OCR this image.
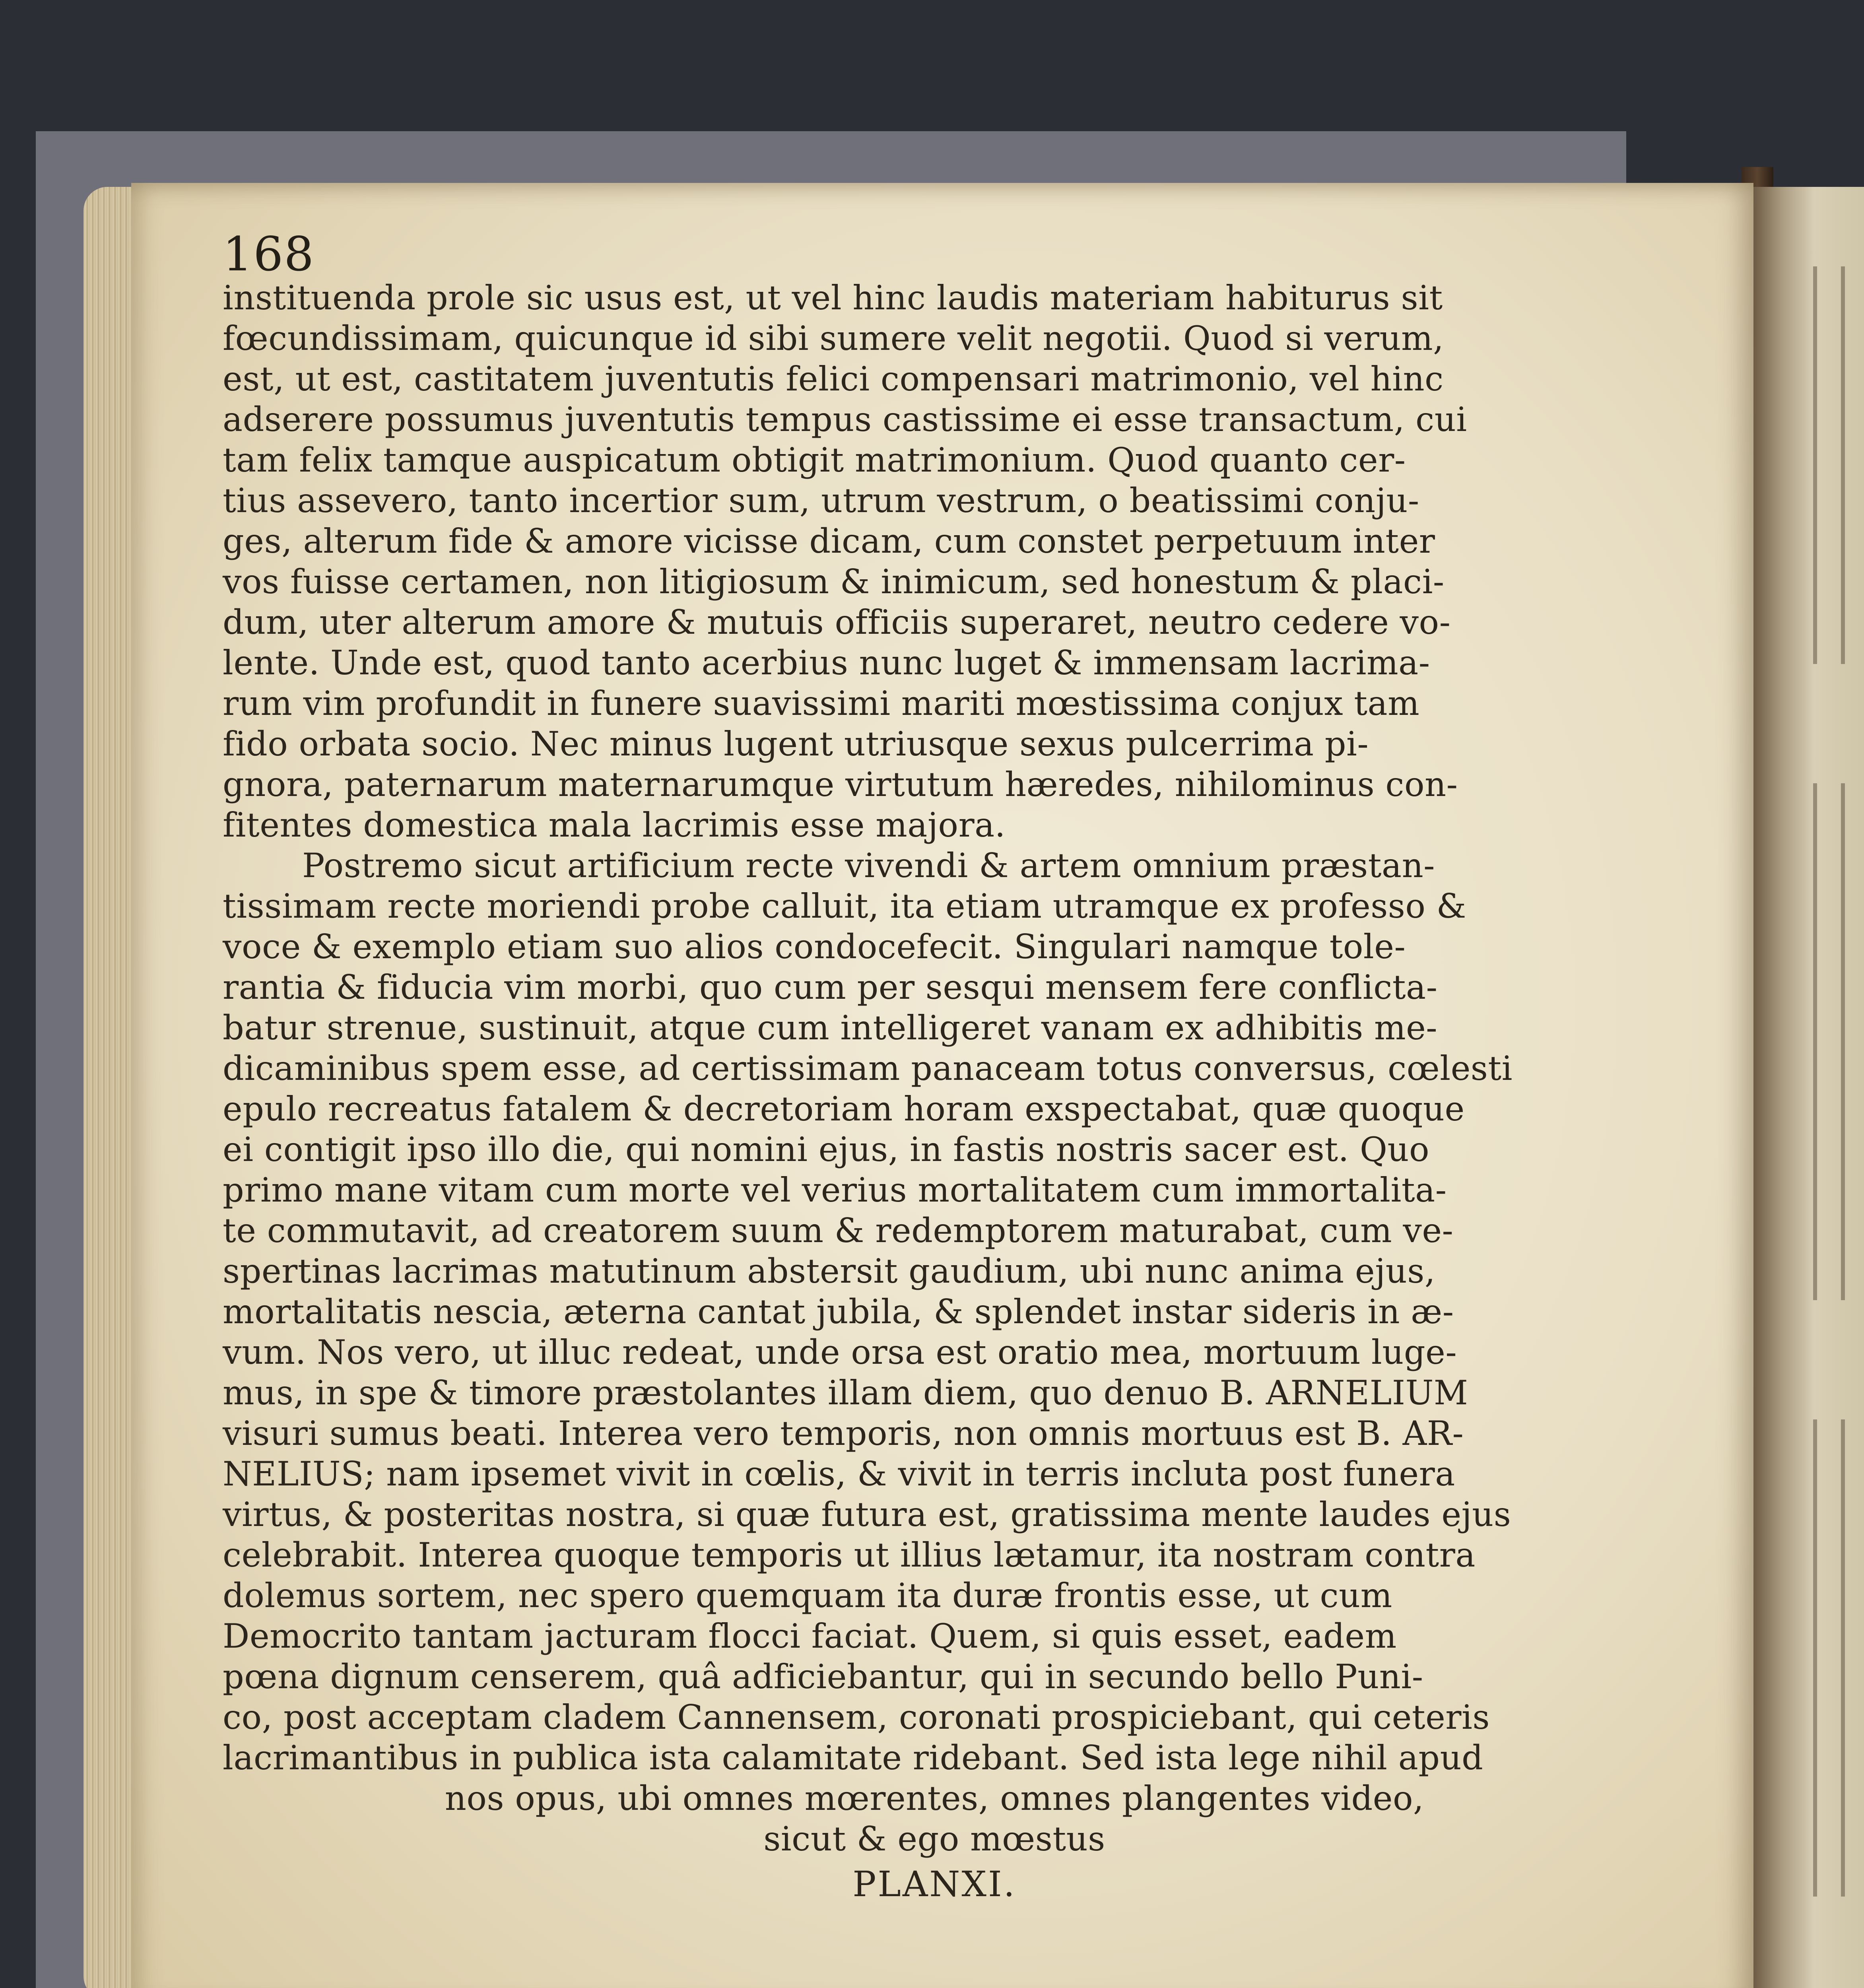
168
instituenda prole sic usus est, ut vel hinc laudis materiam habiturus sit
fœcundissimam, quicunque id sibi sumere velit negotii. Quod si verum,
est, ut est, castitatem juventutis felici compensari matrimonio, vel hinc
adserere possumus juventutis tempus castissime ei esse transactum, cui
tam felix tamque auspicatum obtigit matrimonium. Quod quanto cer-
tius assevero, tanto incertior sum, utrum vestrum, o beatissimi conju-
ges, alterum fide & amore vicisse dicam, cum constet perpetuum inter
vos fuisse certamen, non litigiosum & inimicum, sed honestum & placi-
dum, uter alterum amore & mutuis officiis superaret, neutro cedere vo-
lente. Unde est, quod tanto acerbius nunc luget & immensam lacrima-
rum vim profundit in funere suavissimi mariti mœstissima conjux tam
fido orbata socio. Nec minus lugent utriusque sexus pulcerrima pi-
gnora, paternarum maternarumque virtutum hæredes, nihilominus con-
fitentes domestica mala lacrimis esse majora.
Postremo sicut artificium recte vivendi & artem omnium præstan-
tissimam recte moriendi probe calluit, ita etiam utramque ex professo &
voce & exemplo etiam suo alios condocefecit. Singulari namque tole-
rantia & fiducia vim morbi, quo cum per sesqui mensem fere conflicta-
batur strenue, sustinuit, atque cum intelligeret vanam ex adhibitis me-
dicaminibus spem esse, ad certissimam panaceam totus conversus, cœlesti
epulo recreatus fatalem & decretoriam horam exspectabat, quæ quoque
ei contigit ipso illo die, qui nomini ejus, in fastis nostris sacer est. Quo
primo mane vitam cum morte vel verius mortalitatem cum immortalita-
te commutavit, ad creatorem suum & redemptorem maturabat, cum ve-
spertinas lacrimas matutinum abstersit gaudium, ubi nunc anima ejus,
mortalitatis nescia, æterna cantat jubila, & splendet instar sideris in æ-
vum. Nos vero, ut illuc redeat, unde orsa est oratio mea, mortuum luge-
mus, in spe & timore præstolantes illam diem, quo denuo B. ARNELIUM
visuri sumus beati. Interea vero temporis, non omnis mortuus est B. AR-
NELIUS; nam ipsemet vivit in cœlis, & vivit in terris incluta post funera
virtus, & posteritas nostra, si quæ futura est, gratissima mente laudes ejus
celebrabit. Interea quoque temporis ut illius lætamur, ita nostram contra
dolemus sortem, nec spero quemquam ita duræ frontis esse, ut cum
Democrito tantam jacturam flocci faciat. Quem, si quis esset, eadem
pœna dignum censerem, quâ adficiebantur, qui in secundo bello Puni-
co, post acceptam cladem Cannensem, coronati prospiciebant, qui ceteris
lacrimantibus in publica ista calamitate ridebant. Sed ista lege nihil apud
nos opus, ubi omnes mœrentes, omnes plangentes video,
sicut & ego mœstus
PLANXI.
